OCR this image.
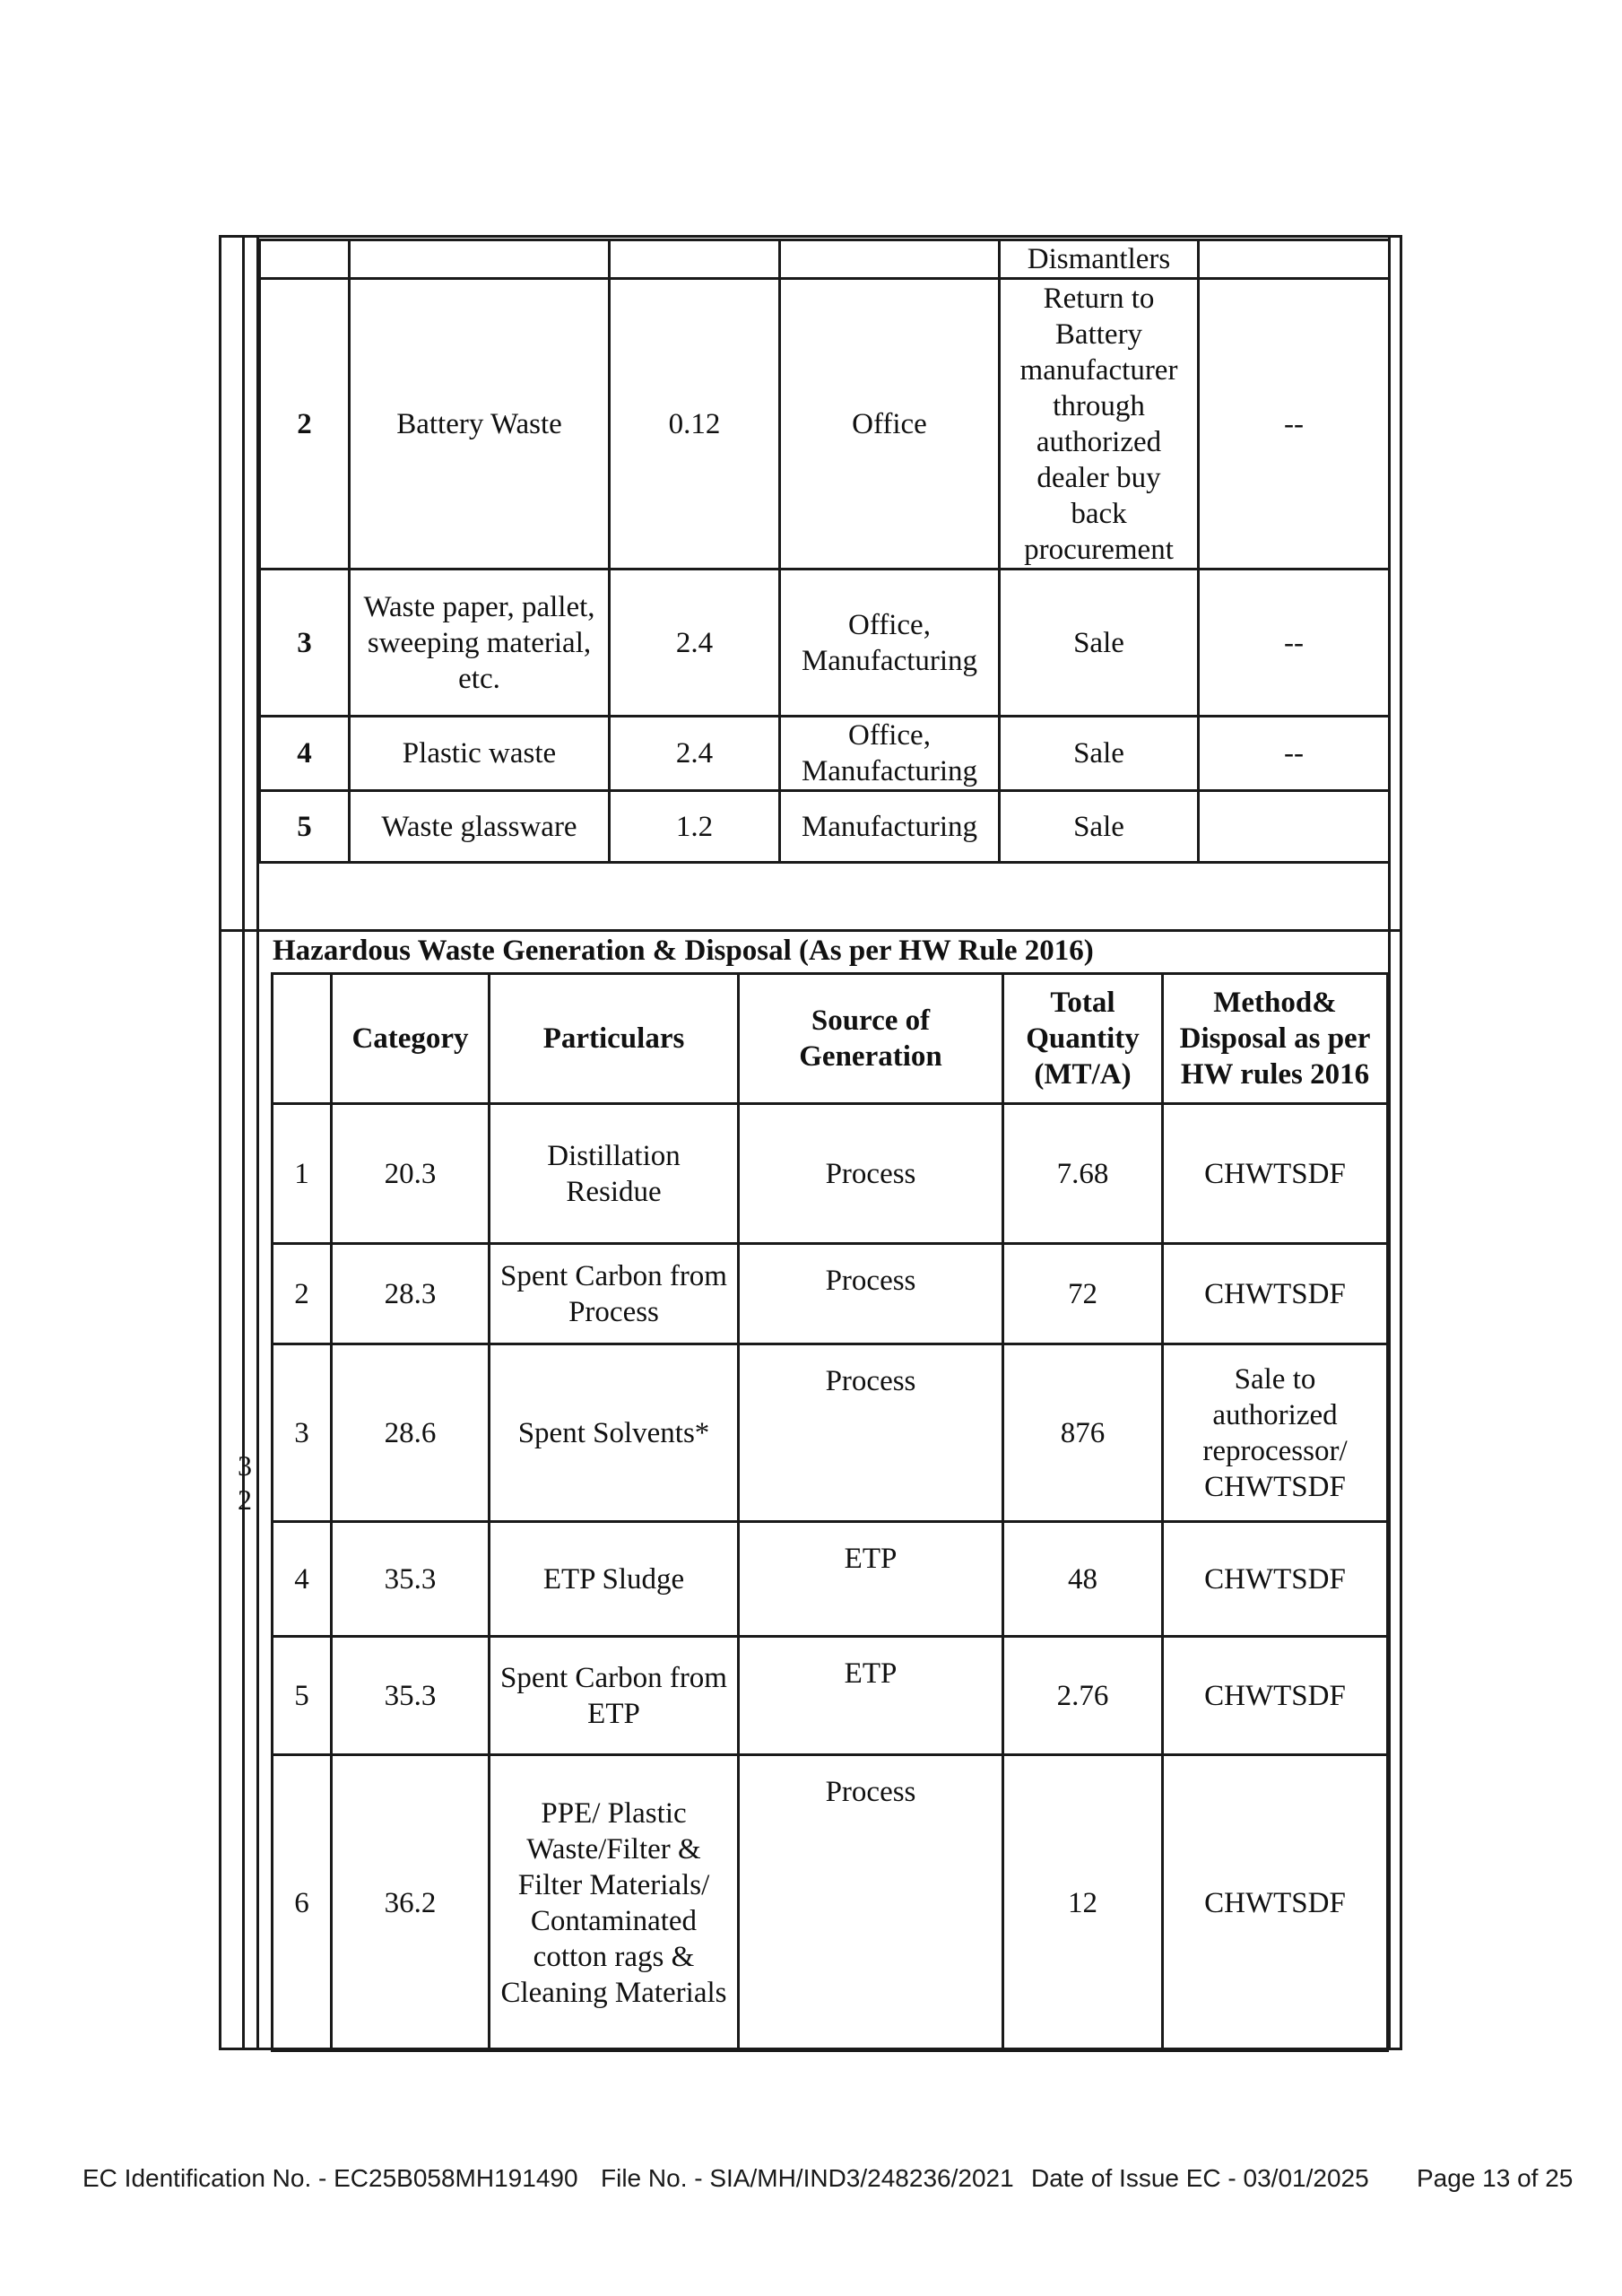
3
2
				Dismantlers	
2	Battery Waste	0.12	Office	Return to Battery manufacturer through authorized dealer buy back procurement	--
3	Waste paper, pallet, sweeping material, etc.	2.4	Office, Manufacturing	Sale	--
4	Plastic waste	2.4	Office, Manufacturing	Sale	--
5	Waste glassware	1.2	Manufacturing	Sale	
Hazardous Waste Generation & Disposal (As per HW Rule 2016)
	Category	Particulars	Source of Generation	Total Quantity (MT/A)	Method& Disposal as per HW rules 2016
1	20.3	Distillation Residue	Process	7.68	CHWTSDF
2	28.3	Spent Carbon from Process	Process	72	CHWTSDF
3	28.6	Spent Solvents*	Process	876	Sale to authorized reprocessor/ CHWTSDF
4	35.3	ETP Sludge	ETP	48	CHWTSDF
5	35.3	Spent Carbon from ETP	ETP	2.76	CHWTSDF
6	36.2	PPE/ Plastic Waste/Filter & Filter Materials/ Contaminated cotton rags & Cleaning Materials	Process	12	CHWTSDF
EC Identification No. - EC25B058MH191490 File No. - SIA/MH/IND3/248236/2021 Date of Issue EC - 03/01/2025 Page 13 of 25
